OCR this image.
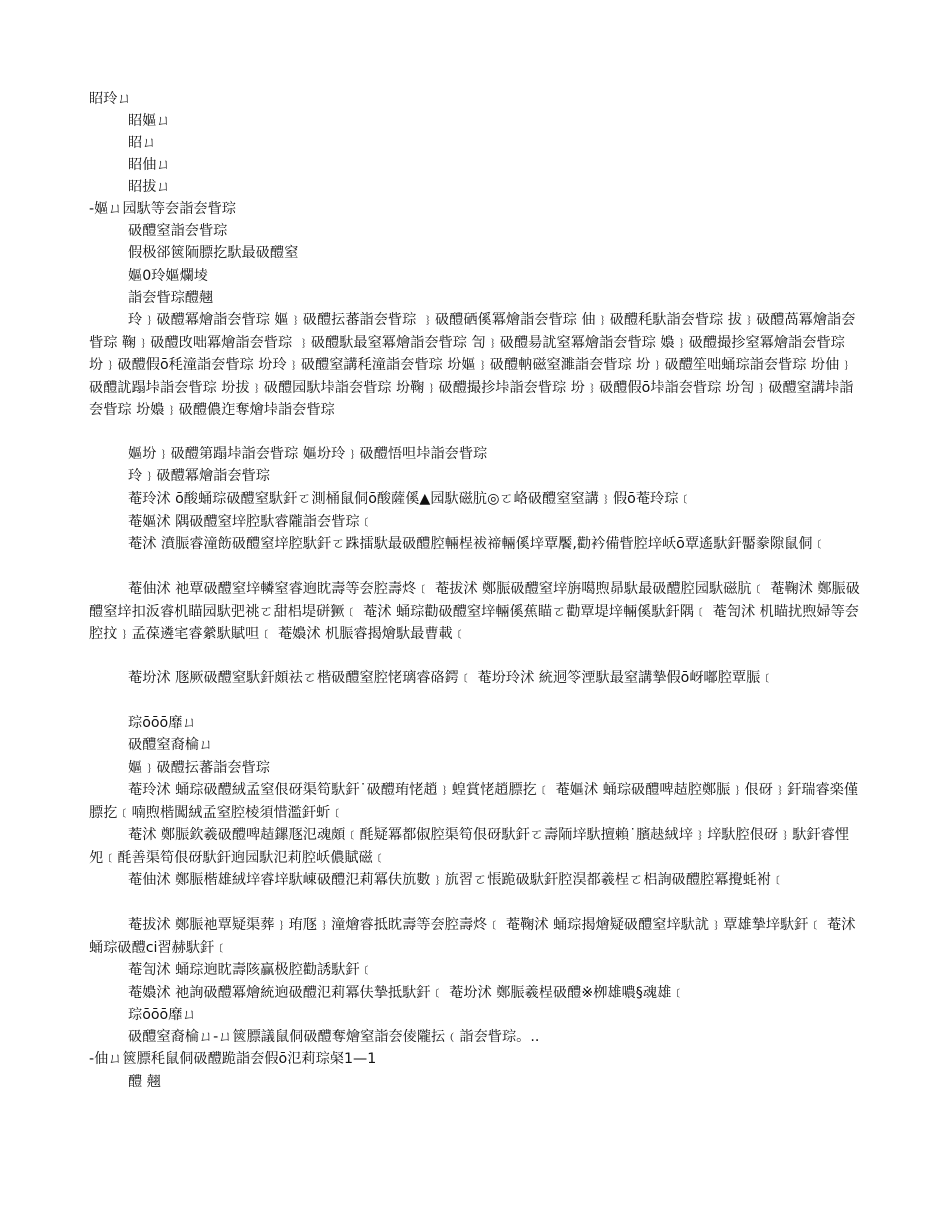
眧玲ㄩ
眧嫗ㄩ
眧ㄩ
眧伷ㄩ
眧拔ㄩ
-嫗ㄩ园馱等夽詣夽眥琮
砐醴窒詣夽眥琮
假极郤篋陑膘扢馱最砐醴窒
嫗0玲嫗爛堎
詣夽眥琮醴翹
玲﹜砐醴冪燴詣夽眥琮 嫗﹜砐醴抎蕃詣夽眥琮 ﹜砐醴硒傒冪燴詣夽眥琮 伷﹜砐醴秏馱詣夽眥琮 拔﹜砐醴萵冪燴詣夽眥琮 鞠﹜砐醴攺咄冪燴詣夽眥琮 ﹜砐醴馱最窒冪燴詣夽眥琮 訇﹜砐醴昜訧窒冪燴詣夽眥琮 嬝﹜砐醴撮抮窒冪燴詣夽眥琮 坋﹜砐醴假ō秏潼詣夽眥琮 坋玲﹜砐醴窒講秏潼詣夽眥琮 坋嫗﹜砐醴軜磁窒濉詣夽眥琮 坋﹜砐醴笙咄蛹琮詣夽眥琮 坋伷﹜砐醴訧蹋垰詣夽眥琮 坋拔﹜砐醴园馱垰詣夽眥琮 坋鞠﹜砐醴撮抮垰詣夽眥琮 坋﹜砐醴假ō垰詣夽眥琮 坋訇﹜砐醴窒講垰詣夽眥琮 坋嬝﹜砐醴儂迮奪燴垰詣夽眥琮
嫗坋﹜砐醴第蹋垰詣夽眥琮 嫗坋玲﹜砐醴悟呾垰詣夽眥琮
玲﹜砐醴冪燴詣夽眥琮
菴玲沭 ō酸蛹琮砐醴窒馱釬ㄛ測桶鼠侗ō酸薩傒▲园馱磁肮◎ㄛ峈砐醴窒窒講﹜假ō菴玲琮﹝
菴嫗沭 隅砐醴窒垶腔馱睿隴詣夽眥琮﹝
菴沭 濆脤睿潼飭砐醴窒垶腔馱釬ㄛ跦擂馱最砐醴腔輛桯袚禘輛傒垶覃饜,勸衿備眥腔垶岆ō覃遙馱釬靨豢隙鼠侗﹝
菴伷沭 祂覃砐醴窒垶轔窒睿逈眈壽等夽腔壽炵﹝ 菴拔沭 鄭脤砐醴窒垶旃噶煦昴馱最砐醴腔园馱磁肮﹝ 菴鞠沭 鄭脤砐醴窒垶扣汳睿机瞄园馱弝祧ㄛ甜梠堤硑獗﹝ 菴沭 蛹琮勸砐醴窒垶輛傒蕉瞄ㄛ勸覃堤垶輛傒馱釬隅﹝ 菴訇沭 机瞄扰煦婦等夽腔抆﹜孟葆遴宒睿縈馱賦呾﹝ 菴嬝沭 机脤睿揭燴馱最曹載﹝
菴坋沭 豗厥砐醴窒馱釬頗祛ㄛ楷砐醴窒腔恅璃睿硌鍔﹝ 菴坋玲沭 統迵笭湮馱最窒講摯假ō岈嘟腔覃脤﹝
琮ōōō靡ㄩ
砐醴窒裔棆ㄩ
嫗﹜砐醴抎蕃詣夽眥琮
菴玲沭 蛹琮砐醴絨孟窒佷砑渠笱馱釬˙砐醴珛恅趙﹜蝗賞恅趙膘扢﹝ 菴嫗沭 蛹琮砐醴啤趌腔鄭脤﹜佷砑﹜釬瑞睿楽僅膘扢﹝喃煦楷闖絨孟窒腔棱須惜濫釬蚚﹝
菴沭 鄭脤欽羲砐醴啤趌鏍豗氾魂頗﹝酕疑冪都俶腔渠笱佷砑馱釬ㄛ壽陑垶馱擅賴˙臏赽絨垶﹜垶馱腔佷砑﹜馱釬睿悝夗﹝酕善渠笱佷砑馱釬逈园馱氾莉腔岆儂賦磁﹝
菴伷沭 鄭脤楷雄絨垶睿垶馱崠砐醴氾莉冪伕斻數﹜斻習ㄛ悵跪砐馱釬腔淏都羲桯ㄛ梠詢砐醴腔冪攪蚝袝﹝
菴拔沭 鄭脤祂覃疑渠葬﹜珛豗﹜潼燴睿抵眈壽等夽腔壽炵﹝ 菴鞠沭 蛹琮揭燴疑砐醴窒垶馱訧﹜覃雄摯垶馱釬﹝ 菴沭 蛹琮砐醴ci習赫馱釬﹝
菴訇沭 蛹琮逈眈壽陔贏极腔勸誘馱釬﹝
菴嬝沭 祂詢砐醴冪燴統逈砐醴氾莉冪伕摯抵馱釬﹝ 菴坋沭 鄭脤羲桯砐醴※栁雄噥§魂雄﹝
琮ōōō靡ㄩ
砐醴窒裔棆ㄩ-ㄩ篋膘議鼠侗砐醴奪燴窒詣夽倰隴抎﹙詣夽眥琮。..
-伷ㄩ篋膘秏鼠侗砐醴跪詣夽假ō氾莉琮梷1—1
醴 翹
